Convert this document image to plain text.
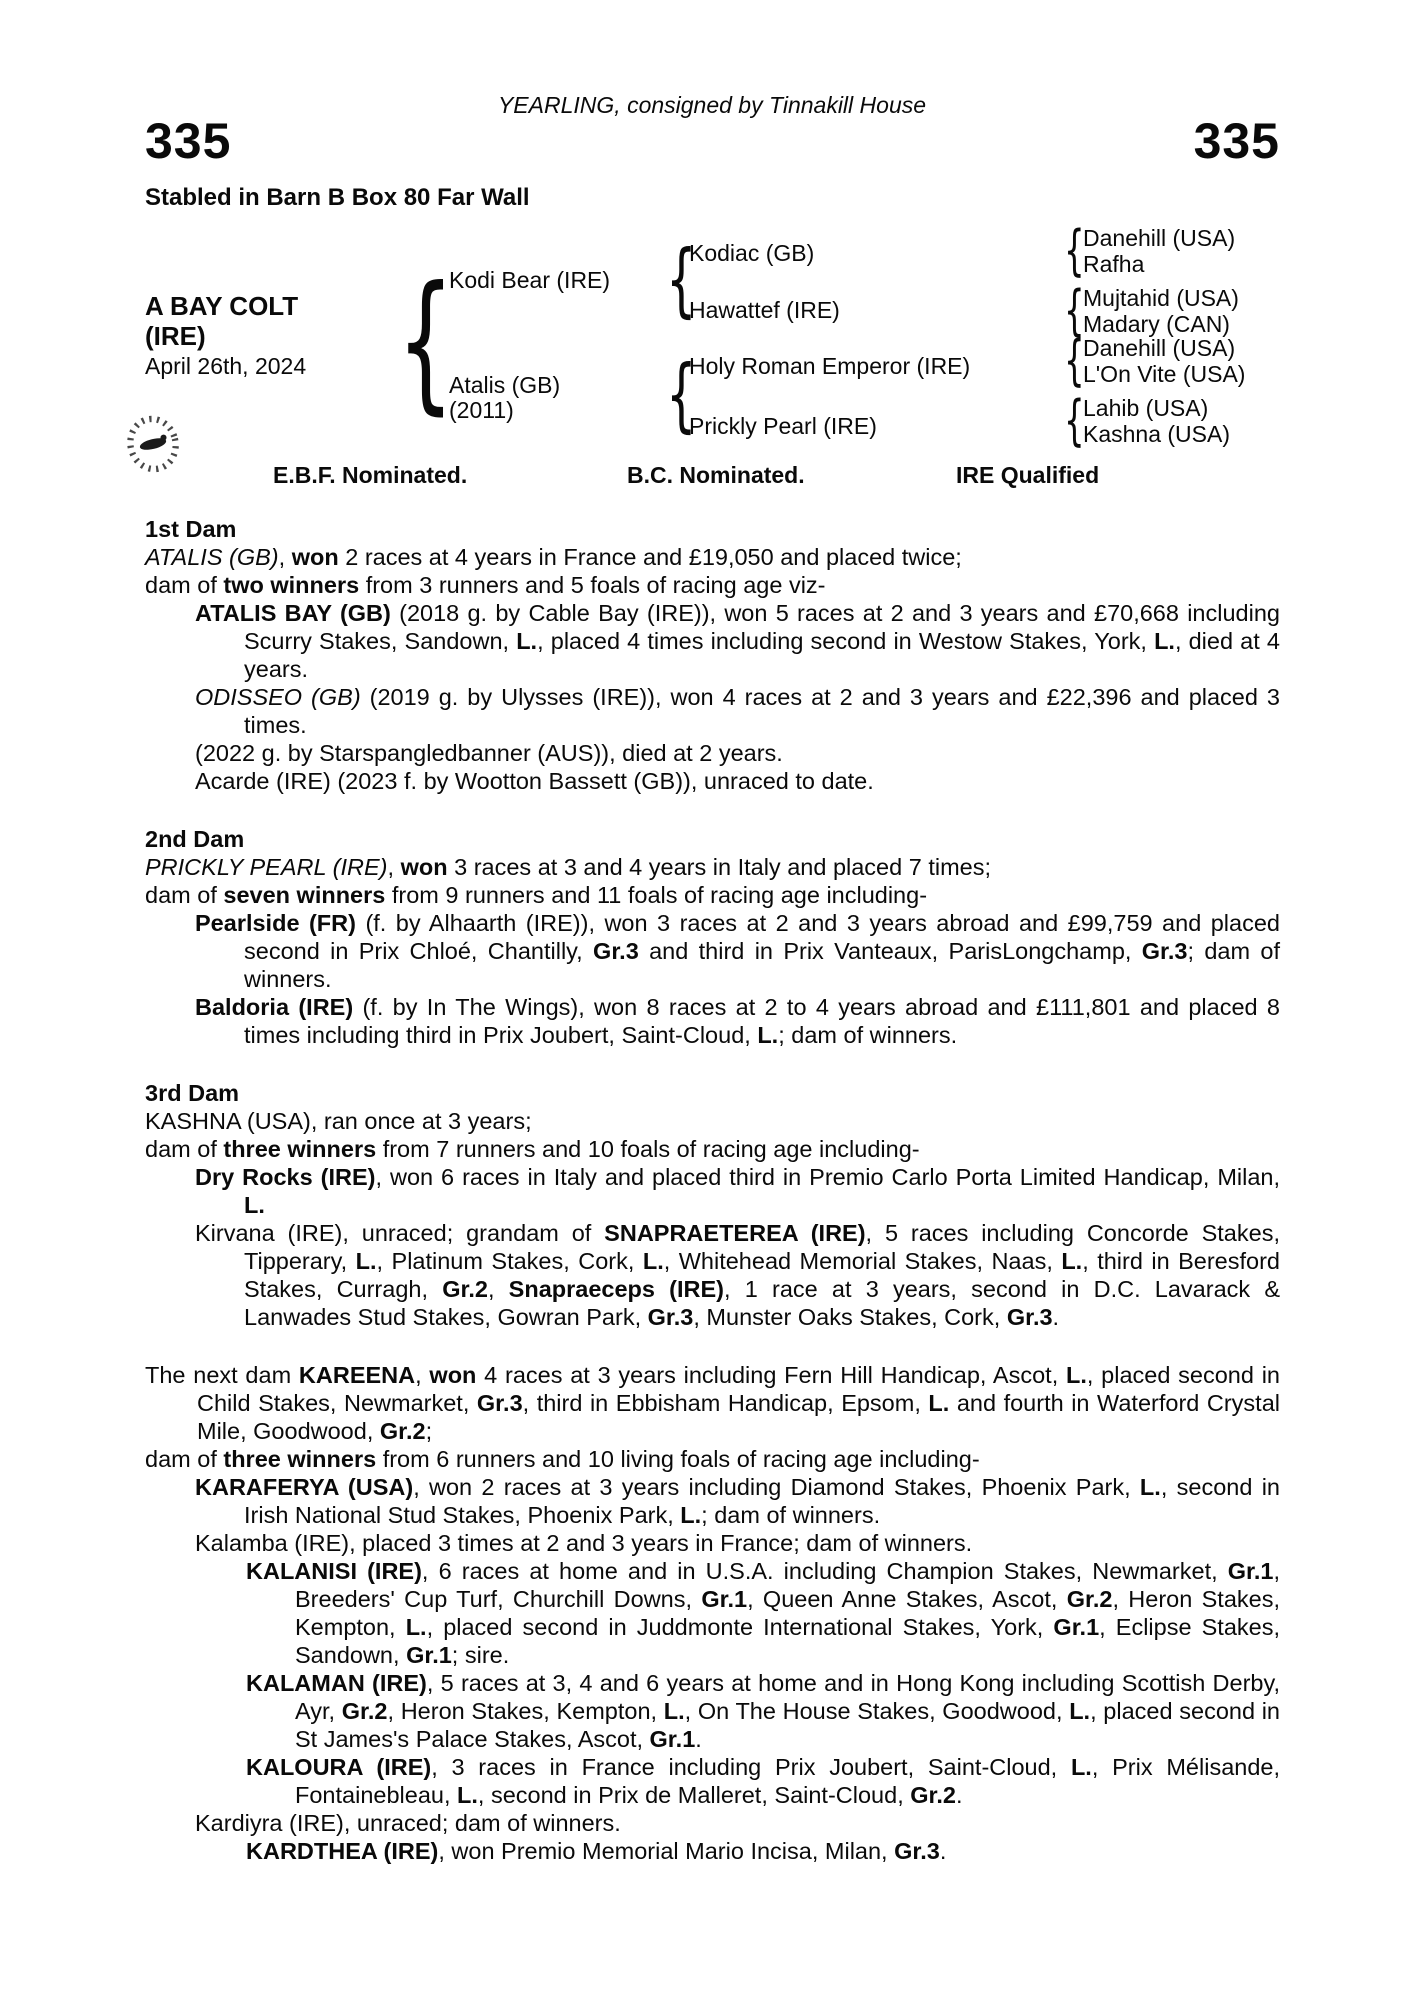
YEARLING, consigned by Tinnakill House
335	335
Stabled in Barn B Box 80 Far Wall
A BAY COLT
(IRE)
April 26th, 2024
{
Kodi Bear (IRE)
Atalis (GB)
(2011)
{
{
Kodiac (GB)
Hawattef (IRE)
Holy Roman Emperor (IRE)
Prickly Pearl (IRE)
{
Danehill (USA)
Rafha
{
Mujtahid (USA)
Madary (CAN)
{
Danehill (USA)
L'On Vite (USA)
{
Lahib (USA)
Kashna (USA)
E.B.F. Nominated.	B.C. Nominated.	IRE Qualified
1st Dam

ATALIS (GB), won 2 races at 4 years in France and £19,050 and placed twice;

dam of two winners from 3 runners and 5 foals of racing age viz-

ATALIS BAY (GB) (2018 g. by Cable Bay (IRE)), won 5 races at 2 and 3 years and £70,668 including Scurry Stakes, Sandown, L., placed 4 times including second in Westow Stakes, York, L., died at 4 years.

ODISSEO (GB) (2019 g. by Ulysses (IRE)), won 4 races at 2 and 3 years and £22,396 and placed 3 times.

(2022 g. by Starspangledbanner (AUS)), died at 2 years.

Acarde (IRE) (2023 f. by Wootton Bassett (GB)), unraced to date.

2nd Dam

PRICKLY PEARL (IRE), won 3 races at 3 and 4 years in Italy and placed 7 times;

dam of seven winners from 9 runners and 11 foals of racing age including-

Pearlside (FR) (f. by Alhaarth (IRE)), won 3 races at 2 and 3 years abroad and £99,759 and placed second in Prix Chloé, Chantilly, Gr.3 and third in Prix Vanteaux, ParisLongchamp, Gr.3; dam of winners.

Baldoria (IRE) (f. by In The Wings), won 8 races at 2 to 4 years abroad and £111,801 and placed 8 times including third in Prix Joubert, Saint-Cloud, L.; dam of winners.

3rd Dam

KASHNA (USA), ran once at 3 years;

dam of three winners from 7 runners and 10 foals of racing age including-

Dry Rocks (IRE), won 6 races in Italy and placed third in Premio Carlo Porta Limited Handicap, Milan, L.

Kirvana (IRE), unraced; grandam of SNAPRAETEREA (IRE), 5 races including Concorde Stakes, Tipperary, L., Platinum Stakes, Cork, L., Whitehead Memorial Stakes, Naas, L., third in Beresford Stakes, Curragh, Gr.2, Snapraeceps (IRE), 1 race at 3 years, second in D.C. Lavarack & Lanwades Stud Stakes, Gowran Park, Gr.3, Munster Oaks Stakes, Cork, Gr.3.

The next dam KAREENA, won 4 races at 3 years including Fern Hill Handicap, Ascot, L., placed second in Child Stakes, Newmarket, Gr.3, third in Ebbisham Handicap, Epsom, L. and fourth in Waterford Crystal Mile, Goodwood, Gr.2;

dam of three winners from 6 runners and 10 living foals of racing age including-

KARAFERYA (USA), won 2 races at 3 years including Diamond Stakes, Phoenix Park, L., second in Irish National Stud Stakes, Phoenix Park, L.; dam of winners.

Kalamba (IRE), placed 3 times at 2 and 3 years in France; dam of winners.

KALANISI (IRE), 6 races at home and in U.S.A. including Champion Stakes, Newmarket, Gr.1, Breeders' Cup Turf, Churchill Downs, Gr.1, Queen Anne Stakes, Ascot, Gr.2, Heron Stakes, Kempton, L., placed second in Juddmonte International Stakes, York, Gr.1, Eclipse Stakes, Sandown, Gr.1; sire.

KALAMAN (IRE), 5 races at 3, 4 and 6 years at home and in Hong Kong including Scottish Derby, Ayr, Gr.2, Heron Stakes, Kempton, L., On The House Stakes, Goodwood, L., placed second in St James's Palace Stakes, Ascot, Gr.1.

KALOURA (IRE), 3 races in France including Prix Joubert, Saint-Cloud, L., Prix Mélisande, Fontainebleau, L., second in Prix de Malleret, Saint-Cloud, Gr.2.

Kardiyra (IRE), unraced; dam of winners.

KARDTHEA (IRE), won Premio Memorial Mario Incisa, Milan, Gr.3.
